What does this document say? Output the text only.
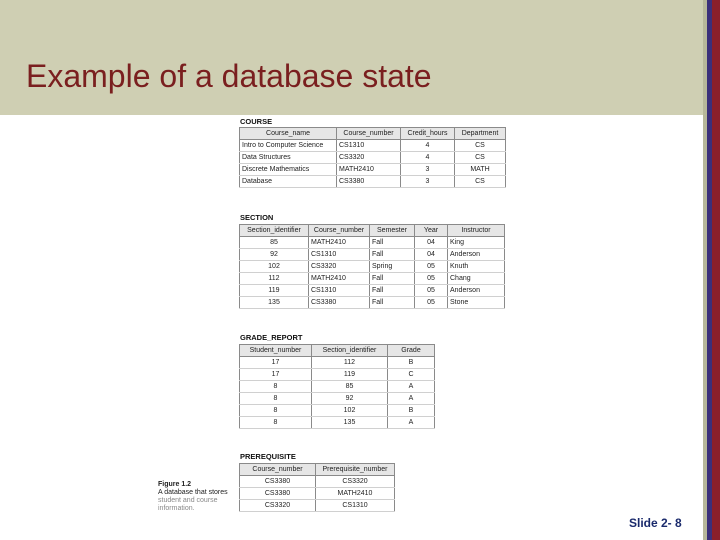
Example of a database state
COURSE
Course_name	Course_number	Credit_hours	Department
Intro to Computer Science	CS1310	4	CS
Data Structures	CS3320	4	CS
Discrete Mathematics	MATH2410	3	MATH
Database	CS3380	3	CS
SECTION
Section_identifier	Course_number	Semester	Year	Instructor
85	MATH2410	Fall	04	King
92	CS1310	Fall	04	Anderson
102	CS3320	Spring	05	Knuth
112	MATH2410	Fall	05	Chang
119	CS1310	Fall	05	Anderson
135	CS3380	Fall	05	Stone
GRADE_REPORT
Student_number	Section_identifier	Grade
17	112	B
17	119	C
8	85	A
8	92	A
8	102	B
8	135	A
PREREQUISITE
Course_number	Prerequisite_number
CS3380	CS3320
CS3380	MATH2410
CS3320	CS1310
Figure 1.2
A database that stores
student and course
information.
Slide 2- 8
